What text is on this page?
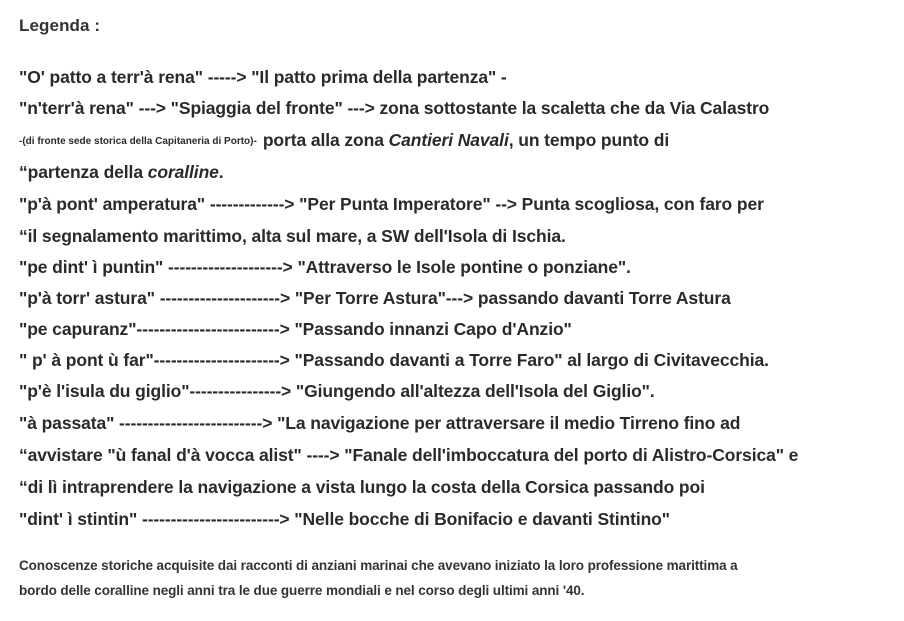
Legenda :
"O' patto a terr'à rena" -----> "Il patto prima della partenza" -
"n'terr'à rena" ---> "Spiaggia del fronte" ---> zona sottostante la scaletta che da Via Calastro
-(di fronte sede storica della Capitaneria di Porto)- porta alla zona Cantieri Navali, un tempo punto di
“partenza della coralline.
"p'à pont' amperatura" -------------> "Per Punta Imperatore" --> Punta scogliosa, con faro per
“il segnalamento marittimo, alta sul mare, a SW dell'Isola di Ischia.
"pe dint' ì puntin" --------------------> "Attraverso le Isole pontine o ponziane".
"p'à torr' astura" ---------------------> "Per Torre Astura"---> passando davanti Torre Astura
"pe capuranz"-------------------------> "Passando innanzi Capo d'Anzio"
" p' à pont ù far"----------------------> "Passando davanti a Torre Faro" al largo di Civitavecchia.
"p'è l'isula du giglio"----------------> "Giungendo all'altezza dell'Isola del Giglio".
"à passata" -------------------------> "La navigazione per attraversare il medio Tirreno fino ad
“avvistare "ù fanal d'à vocca alist" ----> "Fanale dell'imboccatura del porto di Alistro-Corsica" e
“di lì intraprendere la navigazione a vista lungo la costa della Corsica passando poi
"dint' ì stintin" ------------------------> "Nelle bocche di Bonifacio e davanti Stintino"
Conoscenze storiche acquisite dai racconti di anziani marinai che avevano iniziato la loro professione marittima a
bordo delle coralline negli anni tra le due guerre mondiali e nel corso degli ultimi anni '40.
